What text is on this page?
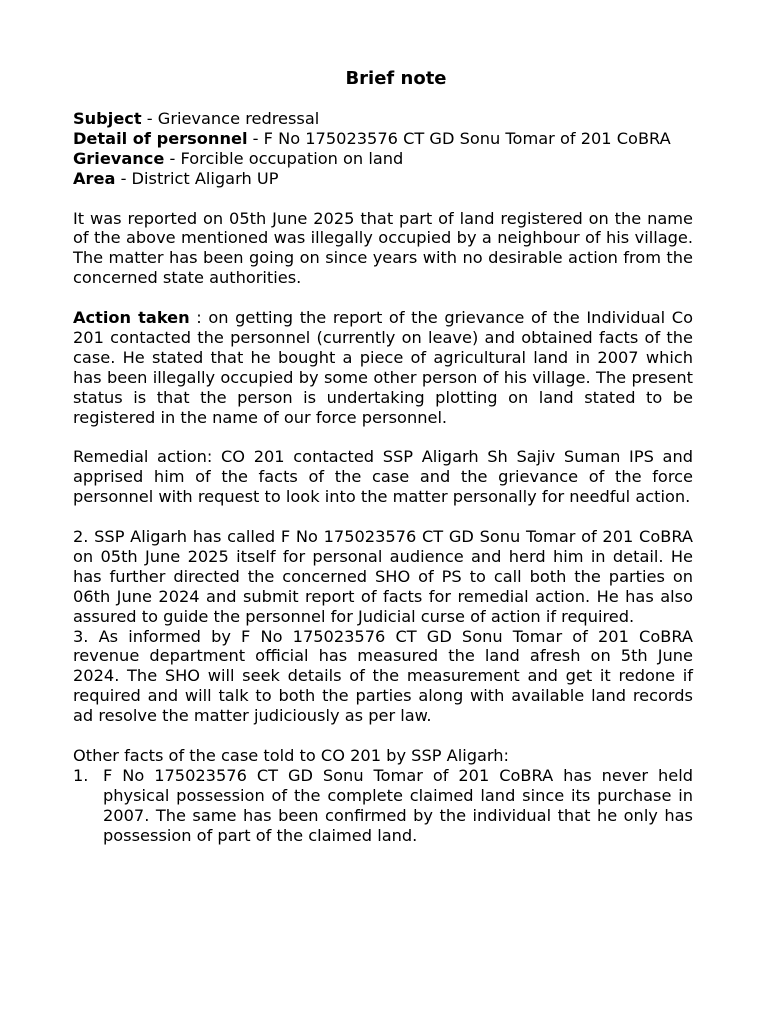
Brief note
Subject - Grievance redressal
Detail of personnel - F No 175023576 CT GD Sonu Tomar of 201 CoBRA
Grievance - Forcible occupation on land
Area - District Aligarh UP

It was reported on 05th June 2025 that part of land registered on the name of the above mentioned was illegally occupied by a neighbour of his village. The matter has been going on since years with no desirable action from the concerned state authorities.

Action taken : on getting the report of the grievance of the Individual Co 201 contacted the personnel (currently on leave) and obtained facts of the case. He stated that he bought a piece of agricultural land in 2007 which has been illegally occupied by some other person of his village. The present status is that the person is undertaking plotting on land stated to be registered in the name of our force personnel.

Remedial action: CO 201 contacted SSP Aligarh Sh Sajiv Suman IPS and apprised him of the facts of the case and the grievance of the force personnel with request to look into the matter personally for needful action.

2. SSP Aligarh has called F No 175023576 CT GD Sonu Tomar of 201 CoBRA on 05th June 2025 itself for personal audience and herd him in detail. He has further directed the concerned SHO of PS to call both the parties on 06th June 2024 and submit report of facts for remedial action. He has also assured to guide the personnel for Judicial curse of action if required.

3. As informed by F No 175023576 CT GD Sonu Tomar of 201 CoBRA revenue department official has measured the land afresh on 5th June 2024. The SHO will seek details of the measurement and get it redone if required and will talk to both the parties along with available land records ad resolve the matter judiciously as per law.

Other facts of the case told to CO 201 by SSP Aligarh:

1. F No 175023576 CT GD Sonu Tomar of 201 CoBRA has never held physical possession of the complete claimed land since its purchase in 2007. The same has been confirmed by the individual that he only has possession of part of the claimed land.
